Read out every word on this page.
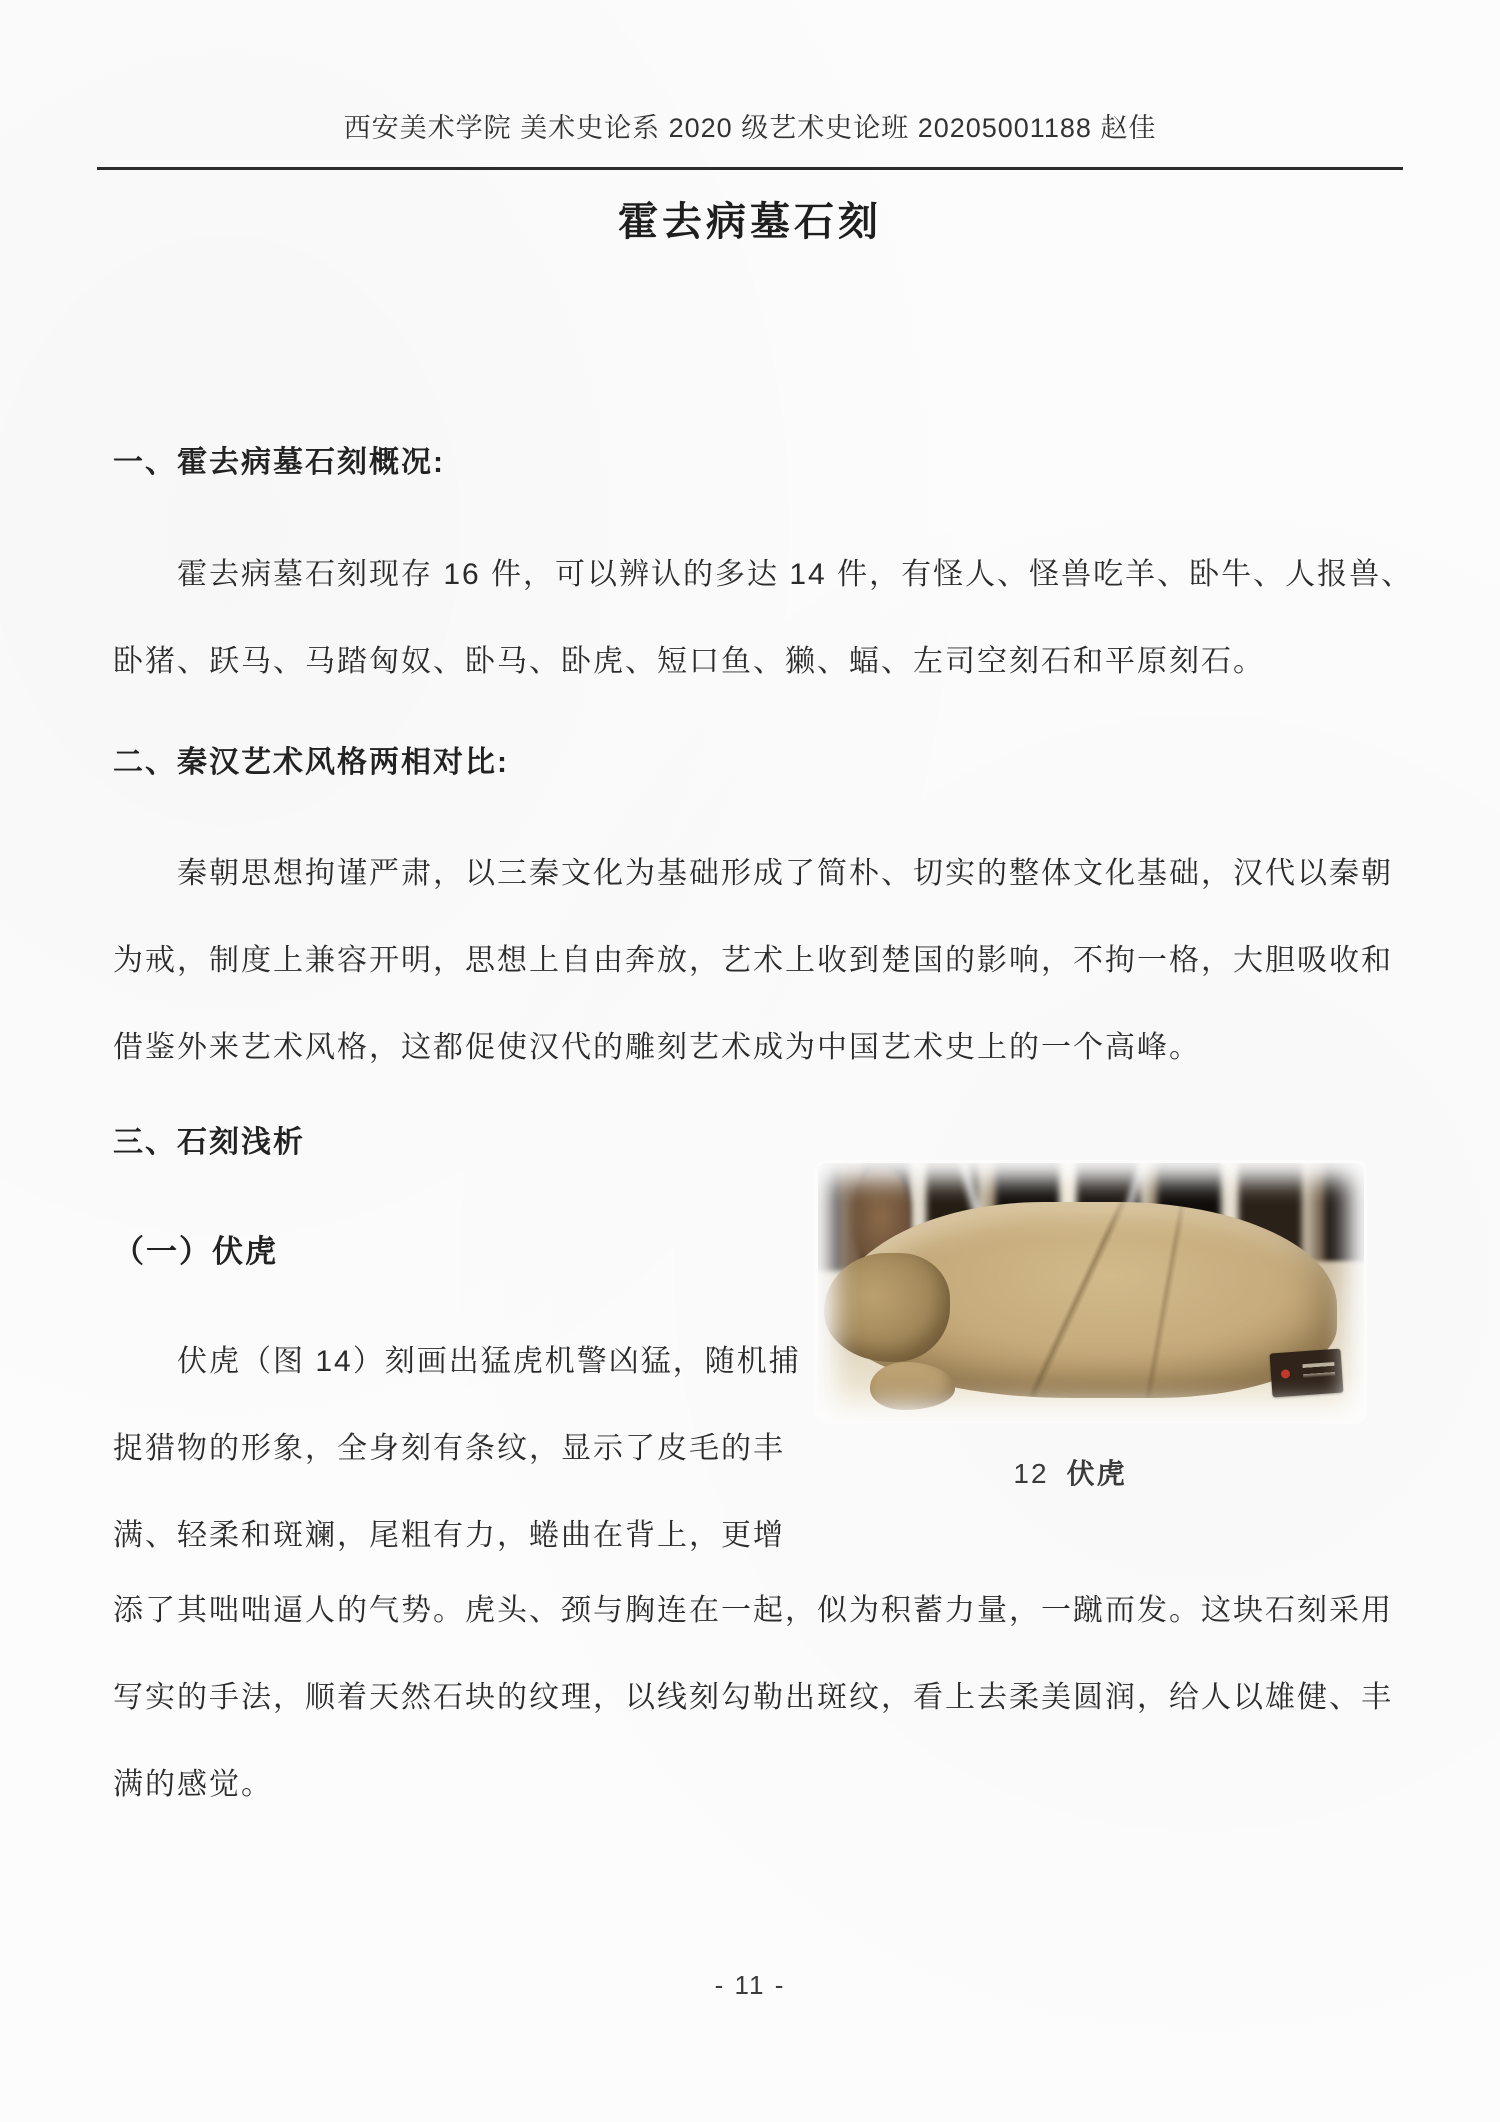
西安美术学院 美术史论系 2020 级艺术史论班 20205001188 赵佳
霍去病墓石刻
一、霍去病墓石刻概况:
霍去病墓石刻现存 16 件，可以辨认的多达 14 件，有怪人、怪兽吃羊、卧牛、人报兽、
卧猪、跃马、马踏匈奴、卧马、卧虎、短口鱼、獭、蝠、左司空刻石和平原刻石。
二、秦汉艺术风格两相对比:
秦朝思想拘谨严肃，以三秦文化为基础形成了简朴、切实的整体文化基础，汉代以秦朝
为戒，制度上兼容开明，思想上自由奔放，艺术上收到楚国的影响，不拘一格，大胆吸收和
借鉴外来艺术风格，这都促使汉代的雕刻艺术成为中国艺术史上的一个高峰。
三、石刻浅析
（一）伏虎
12 伏虎
伏虎（图 14）刻画出猛虎机警凶猛，随机捕
捉猎物的形象，全身刻有条纹，显示了皮毛的丰
满、轻柔和斑斓，尾粗有力，蜷曲在背上，更增
添了其咄咄逼人的气势。虎头、颈与胸连在一起，似为积蓄力量，一蹴而发。这块石刻采用
写实的手法，顺着天然石块的纹理，以线刻勾勒出斑纹，看上去柔美圆润，给人以雄健、丰
满的感觉。
- 11 -
